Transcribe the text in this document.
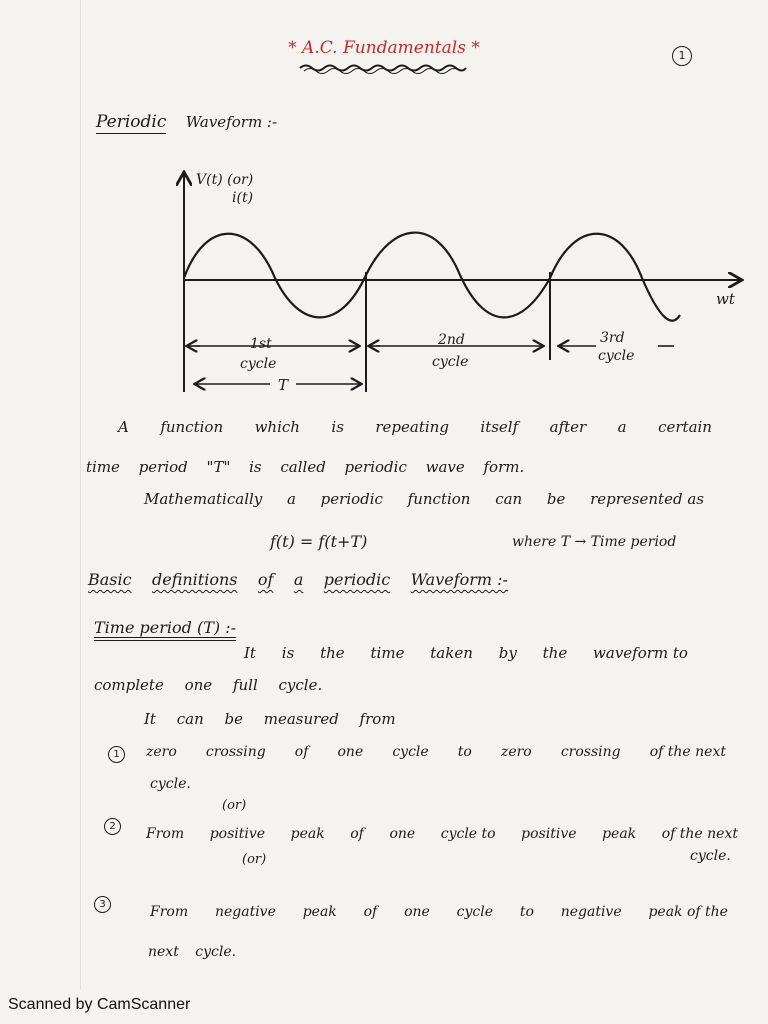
* A.C. Fundamentals *	1
Periodic Waveform :-
V(t) (or)
i(t)
wt
1st
cycle
2nd
cycle
3rd
cycle
T
A function which is repeating itself after a certain
time period "T" is called periodic wave form.
Mathematically a periodic function can be represented as
f(t) = f(t+T)	where T → Time period
Basic definitions of a periodic Waveform :-
Time period (T) :-
It is the time taken by the waveform to
complete one full cycle.
It can be measured from
1	zero crossing of one cycle to zero crossing of the next
cycle.
(or)
2	From positive peak of one cycle to positive peak of the next
cycle.
(or)
3	From negative peak of one cycle to negative peak of the
next cycle.
Scanned by CamScanner
